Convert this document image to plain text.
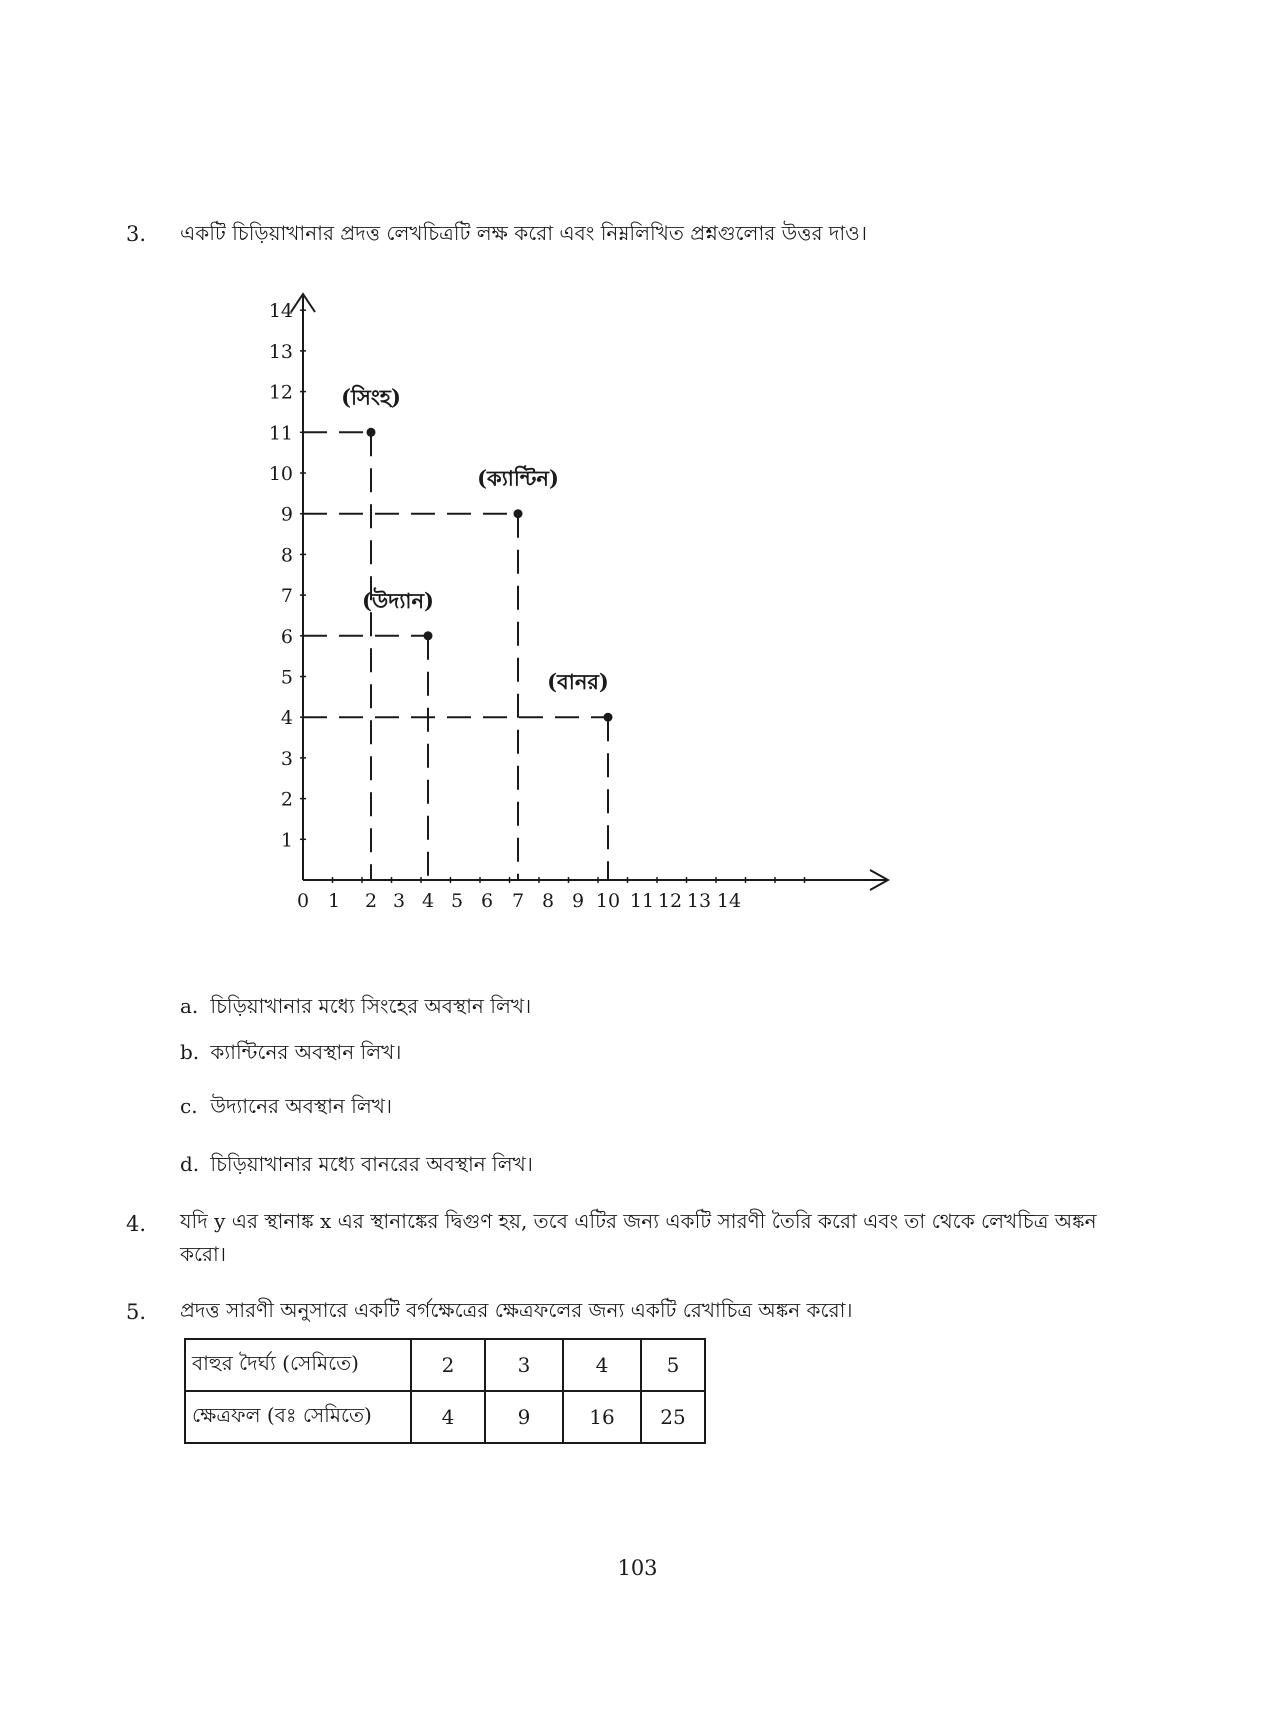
3. একটি চিড়িয়াখানার প্রদত্ত লেখচিত্রটি লক্ষ করো এবং নিম্নলিখিত প্রশ্নগুলোর উত্তর দাও।
0 1 2 3 4 5 6 7 8 9 10 11 12 13 14
1
2
3
4
5
6
7
8
9
10
11
12
13
14
(সিংহ)
(ক্যান্টিন)
(উদ্যান)
(বানর)
a. চিড়িয়াখানার মধ্যে সিংহের অবস্থান লিখ।
b. ক্যান্টিনের অবস্থান লিখ।
c. উদ্যানের অবস্থান লিখ।
d. চিড়িয়াখানার মধ্যে বানরের অবস্থান লিখ।
4. যদি y এর স্থানাঙ্ক x এর স্থানাঙ্কের দ্বিগুণ হয়, তবে এটির জন্য একটি সারণী তৈরি করো এবং তা থেকে লেখচিত্র অঙ্কন করো।
5. প্রদত্ত সারণী অনুসারে একটি বর্গক্ষেত্রের ক্ষেত্রফলের জন্য একটি রেখাচিত্র অঙ্কন করো।
বাহুর দৈর্ঘ্য (সেমিতে)	2	3	4	5
ক্ষেত্রফল (বঃ সেমিতে)	4	9	16	25
103
